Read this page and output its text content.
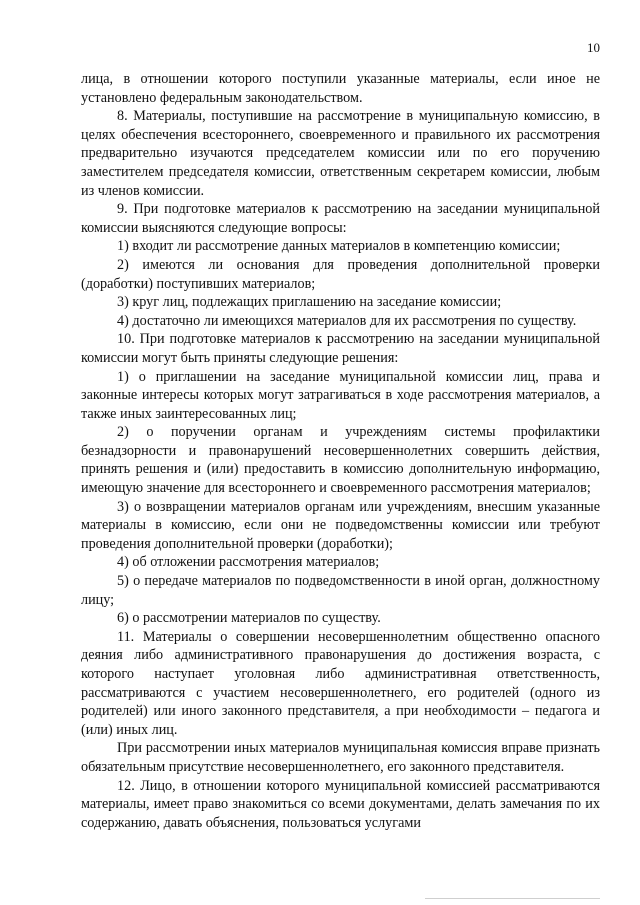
10

лица, в отношении которого поступили указанные материалы, если иное не установлено федеральным законодательством.

8. Материалы, поступившие на рассмотрение в муниципальную комиссию, в целях обеспечения всестороннего, своевременного и правильного их рассмотрения предварительно изучаются председателем комиссии или по его поручению заместителем председателя комиссии, ответственным секретарем комиссии, любым из членов комиссии.

9. При подготовке материалов к рассмотрению на заседании муниципальной комиссии выясняются следующие вопросы:

1) входит ли рассмотрение данных материалов в компетенцию комиссии;

2) имеются ли основания для проведения дополнительной проверки (доработки) поступивших материалов;

3) круг лиц, подлежащих приглашению на заседание комиссии;

4) достаточно ли имеющихся материалов для их рассмотрения по существу.

10. При подготовке материалов к рассмотрению на заседании муниципальной комиссии могут быть приняты следующие решения:

1) о приглашении на заседание муниципальной комиссии лиц, права и законные интересы которых могут затрагиваться в ходе рассмотрения материалов, а также иных заинтересованных лиц;

2) о поручении органам и учреждениям системы профилактики безнадзорности и правонарушений несовершеннолетних совершить действия, принять решения и (или) предоставить в комиссию дополнительную информацию, имеющую значение для всестороннего и своевременного рассмотрения материалов;

3) о возвращении материалов органам или учреждениям, внесшим указанные материалы в комиссию, если они не подведомственны комиссии или требуют проведения дополнительной проверки (доработки);

4) об отложении рассмотрения материалов;

5) о передаче материалов по подведомственности в иной орган, должностному лицу;

6) о рассмотрении материалов по существу.

11. Материалы о совершении несовершеннолетним общественно опасного деяния либо административного правонарушения до достижения возраста, с которого наступает уголовная либо административная ответственность, рассматриваются с участием несовершеннолетнего, его родителей (одного из родителей) или иного законного представителя, а при необходимости – педагога и (или) иных лиц.

При рассмотрении иных материалов муниципальная комиссия вправе признать обязательным присутствие несовершеннолетнего, его законного представителя.

12. Лицо, в отношении которого муниципальной комиссией рассматриваются материалы, имеет право знакомиться со всеми документами, делать замечания по их содержанию, давать объяснения, пользоваться услугами
